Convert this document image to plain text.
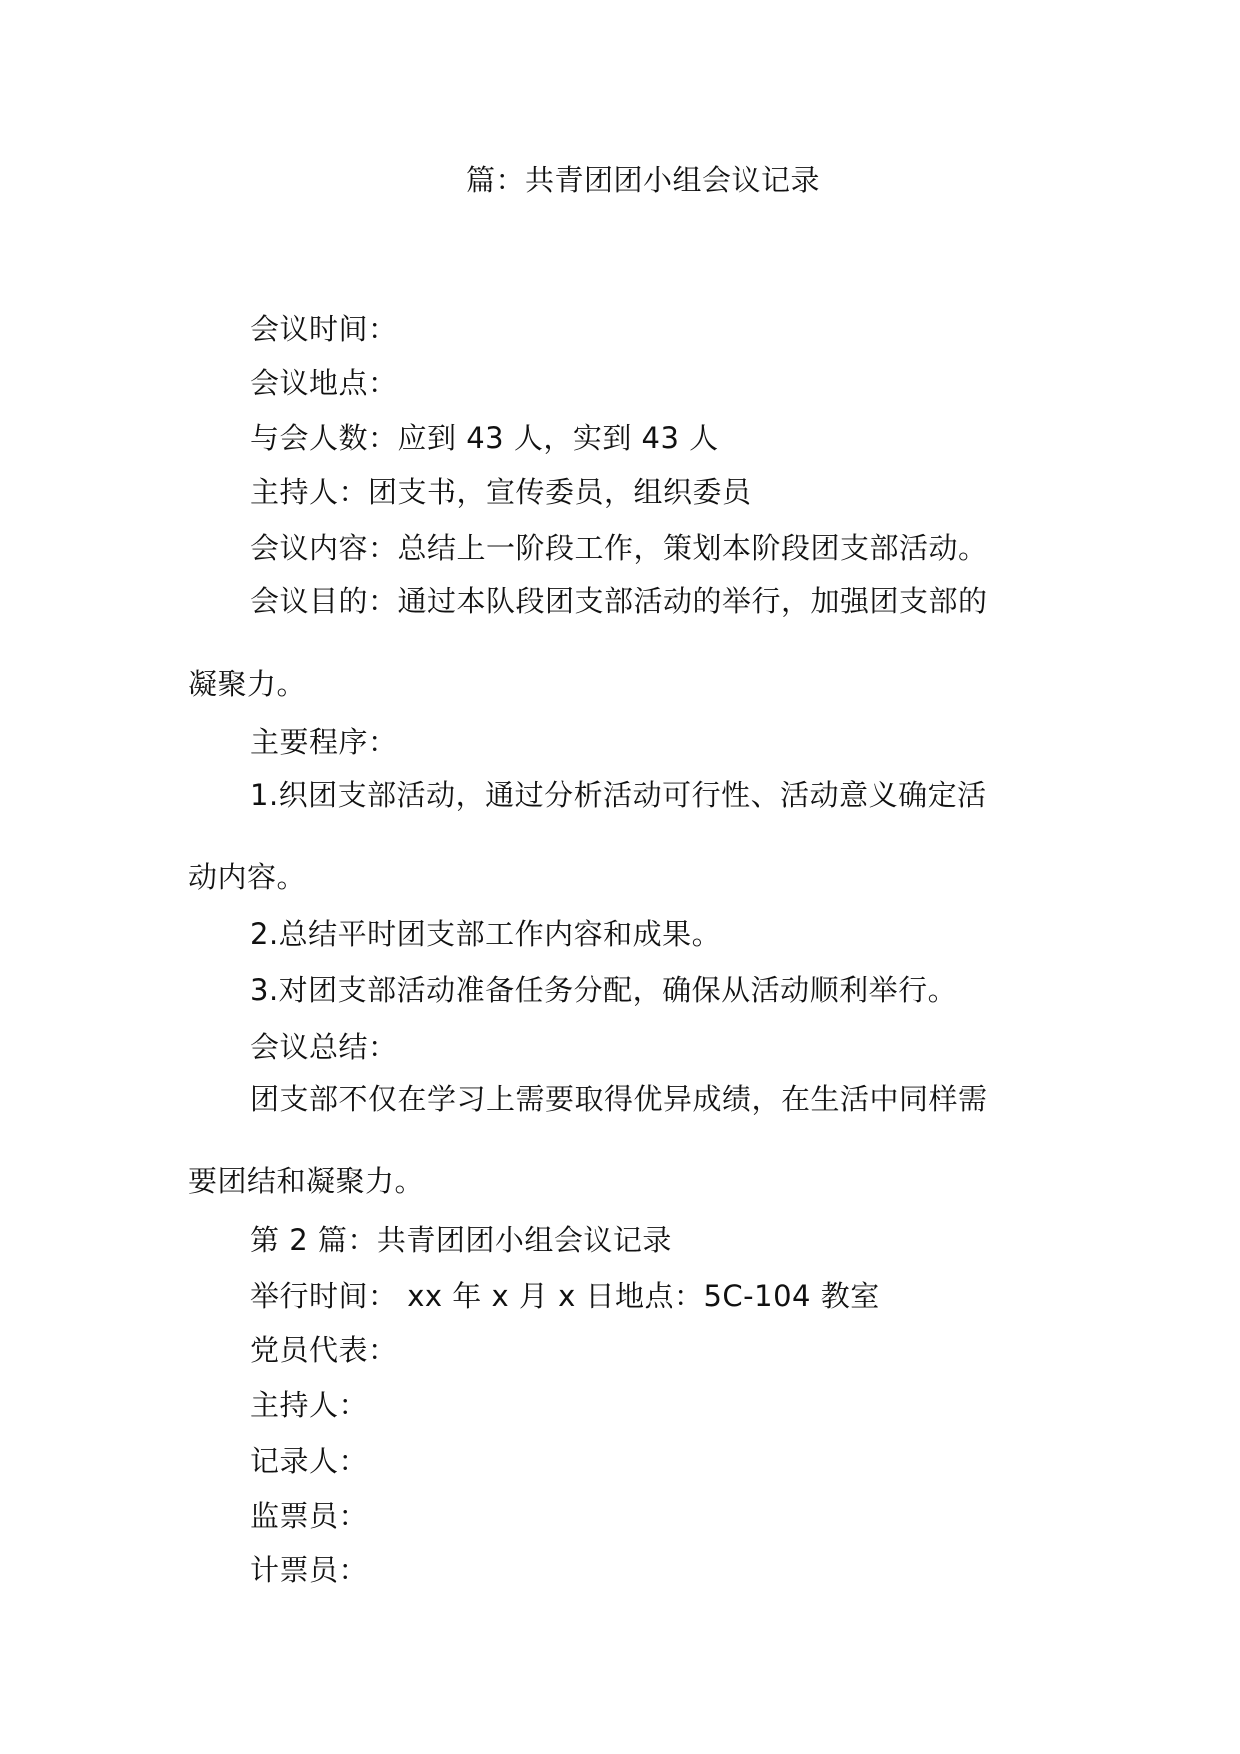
篇：共青团团小组会议记录
会议时间：
会议地点：
与会人数：应到 43 人，实到 43 人
主持人：团支书，宣传委员，组织委员
会议内容：总结上一阶段工作，策划本阶段团支部活动。
会议目的：通过本队段团支部活动的举行，加强团支部的
凝聚力。
主要程序：
1.织团支部活动，通过分析活动可行性、活动意义确定活
动内容。
2.总结平时团支部工作内容和成果。
3.对团支部活动准备任务分配，确保从活动顺利举行。
会议总结：
团支部不仅在学习上需要取得优异成绩，在生活中同样需
要团结和凝聚力。
第 2 篇：共青团团小组会议记录
举行时间： xx 年 x 月 x 日地点：5C-104 教室
党员代表：
主持人：
记录人：
监票员：
计票员：
